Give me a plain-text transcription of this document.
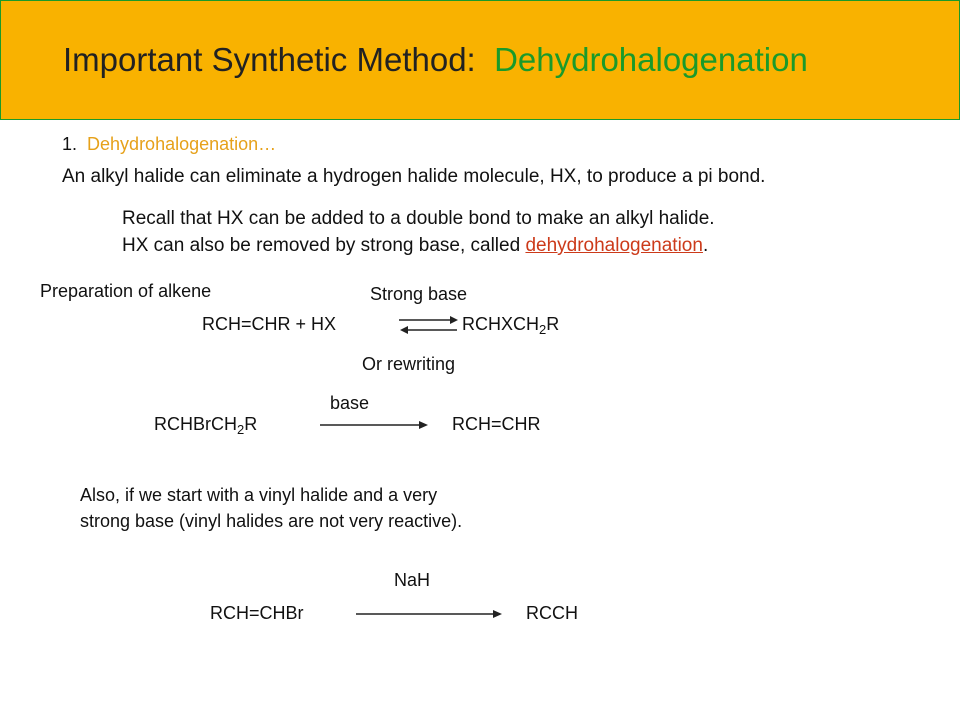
Important Synthetic Method: Dehydrohalogenation
1. Dehydrohalogenation…
An alkyl halide can eliminate a hydrogen halide molecule, HX, to produce a pi bond.
Recall that HX can be added to a double bond to make an alkyl halide.
HX can also be removed by strong base, called dehydrohalogenation.
Preparation of alkene	Strong base
RCH=CHR + HX	⇌ $RCHXCH_2R$
Or rewriting
base
RCHBrCH$_2$R	RCH=CHR
Also, if we start with a vinyl halide and a very
strong base (vinyl halides are not very reactive).
NaH
RCH=CHBr	RCCH
